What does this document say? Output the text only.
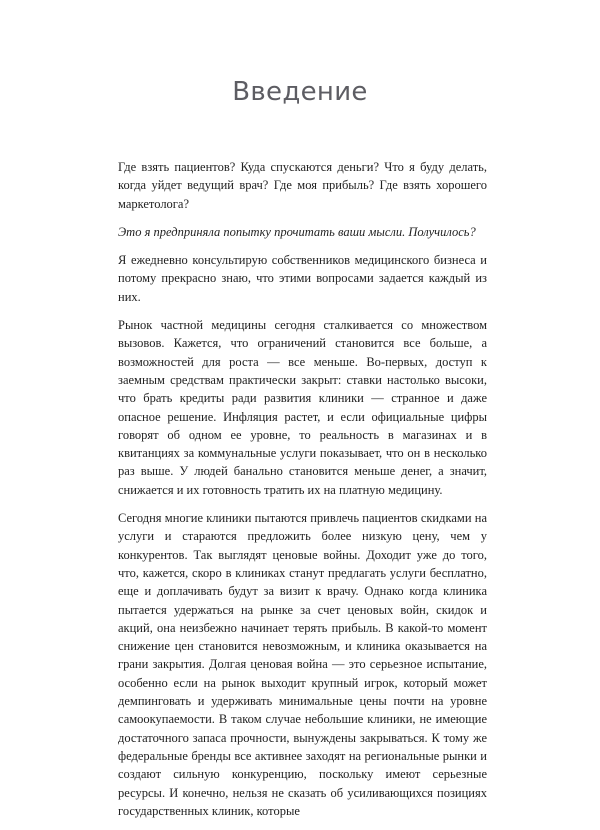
Введение

Где взять пациентов? Куда спускаются деньги? Что я буду делать, когда уйдет ведущий врач? Где моя прибыль? Где взять хорошего маркетолога?

Это я предприняла попытку прочитать ваши мысли. Получилось?

Я ежедневно консультирую собственников медицинского бизнеса и потому прекрасно знаю, что этими вопросами задается каждый из них.

Рынок частной медицины сегодня сталкивается со множеством вызовов. Кажется, что ограничений становится все больше, а возможностей для роста — все меньше. Во-первых, доступ к заемным средствам практически закрыт: ставки настолько высоки, что брать кредиты ради развития клиники — странное и даже опасное решение. Инфляция растет, и если официальные цифры говорят об одном ее уровне, то реальность в магазинах и в квитанциях за коммунальные услуги показывает, что он в несколько раз выше. У людей банально становится меньше денег, а значит, снижается и их готовность тратить их на платную медицину.

Сегодня многие клиники пытаются привлечь пациентов скидками на услуги и стараются предложить более низкую цену, чем у конкурентов. Так выглядят ценовые войны. Доходит уже до того, что, кажется, скоро в клиниках станут предлагать услуги бесплатно, еще и доплачивать будут за визит к врачу. Однако когда клиника пытается удержаться на рынке за счет ценовых войн, скидок и акций, она неизбежно начинает терять прибыль. В какой-то момент снижение цен становится невозможным, и клиника оказывается на грани закрытия. Долгая ценовая война — это серьезное испытание, особенно если на рынок выходит крупный игрок, который может демпинговать и удерживать минимальные цены почти на уровне самоокупаемости. В таком случае небольшие клиники, не имеющие достаточного запаса прочности, вынуждены закрываться. К тому же федеральные бренды все активнее заходят на региональные рынки и создают сильную конкуренцию, поскольку имеют серьезные ресурсы. И конечно, нельзя не сказать об усиливающихся позициях государственных клиник, которые
